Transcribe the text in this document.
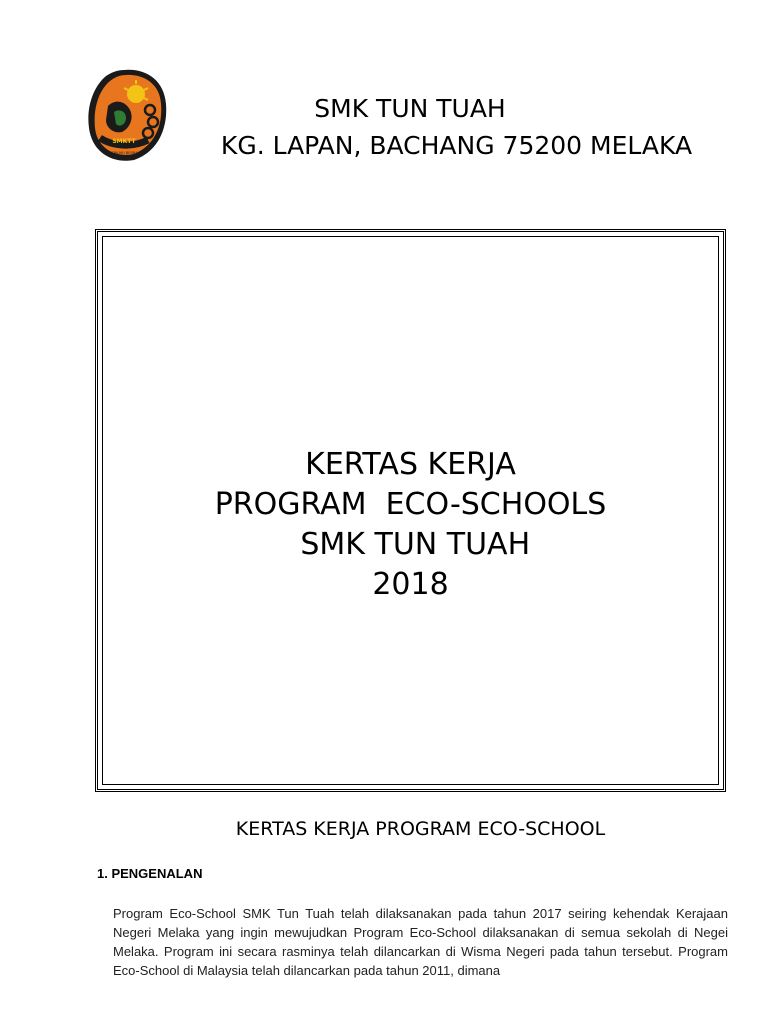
SMKTT
BERILMU BERBAKTI
SMK TUN TUAH
KG. LAPAN, BACHANG 75200 MELAKA
KERTAS KERJA
PROGRAM  ECO-SCHOOLS
SMK TUN TUAH
2018
KERTAS KERJA PROGRAM ECO-SCHOOL
1. PENGENALAN
Program Eco-School SMK Tun Tuah telah dilaksanakan pada tahun 2017 seiring kehendak Kerajaan Negeri Melaka yang ingin mewujudkan Program Eco-School dilaksanakan di semua sekolah di Negei Melaka. Program ini secara rasminya telah dilancarkan di Wisma Negeri pada tahun tersebut. Program Eco-School di Malaysia telah dilancarkan pada tahun 2011, dimana
